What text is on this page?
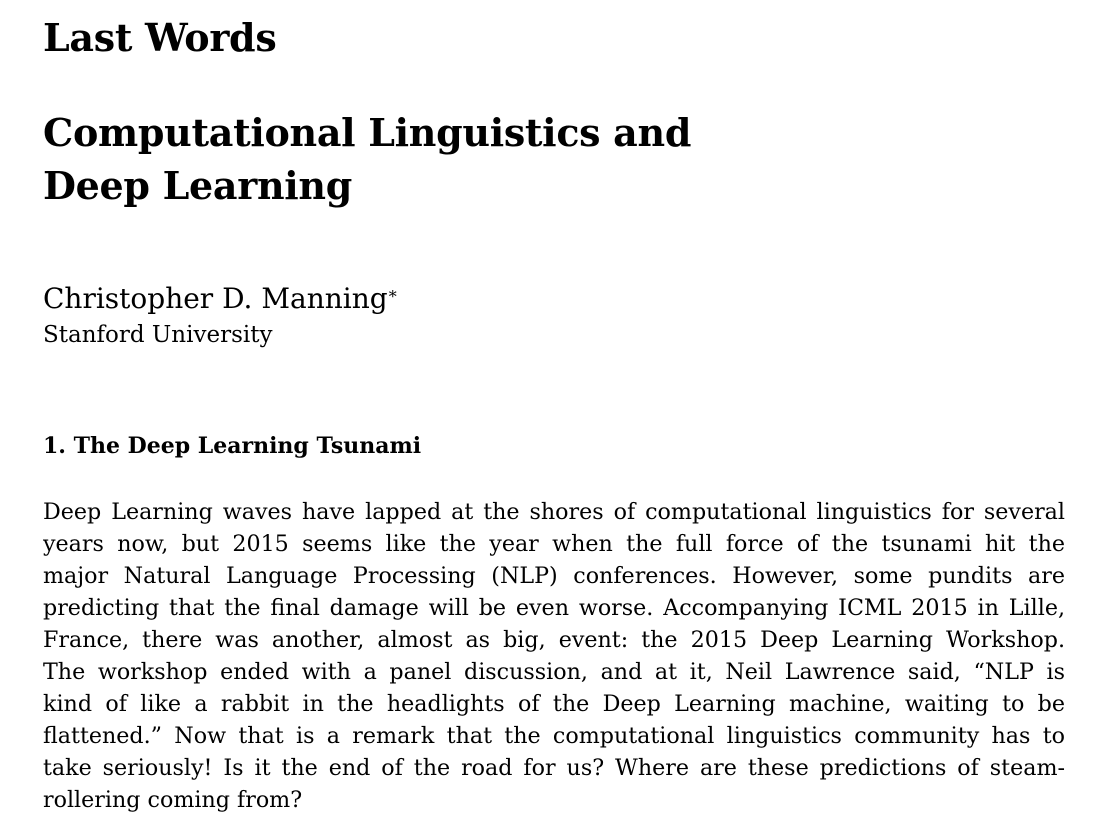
Last Words
Computational Linguistics and
Deep Learning
Christopher D. Manning*
Stanford University
1. The Deep Learning Tsunami
Deep Learning waves have lapped at the shores of computational linguistics for several
years now, but 2015 seems like the year when the full force of the tsunami hit the
major Natural Language Processing (NLP) conferences. However, some pundits are
predicting that the final damage will be even worse. Accompanying ICML 2015 in Lille,
France, there was another, almost as big, event: the 2015 Deep Learning Workshop.
The workshop ended with a panel discussion, and at it, Neil Lawrence said, “NLP is
kind of like a rabbit in the headlights of the Deep Learning machine, waiting to be
flattened.” Now that is a remark that the computational linguistics community has to
take seriously! Is it the end of the road for us? Where are these predictions of steam-
rollering coming from?
